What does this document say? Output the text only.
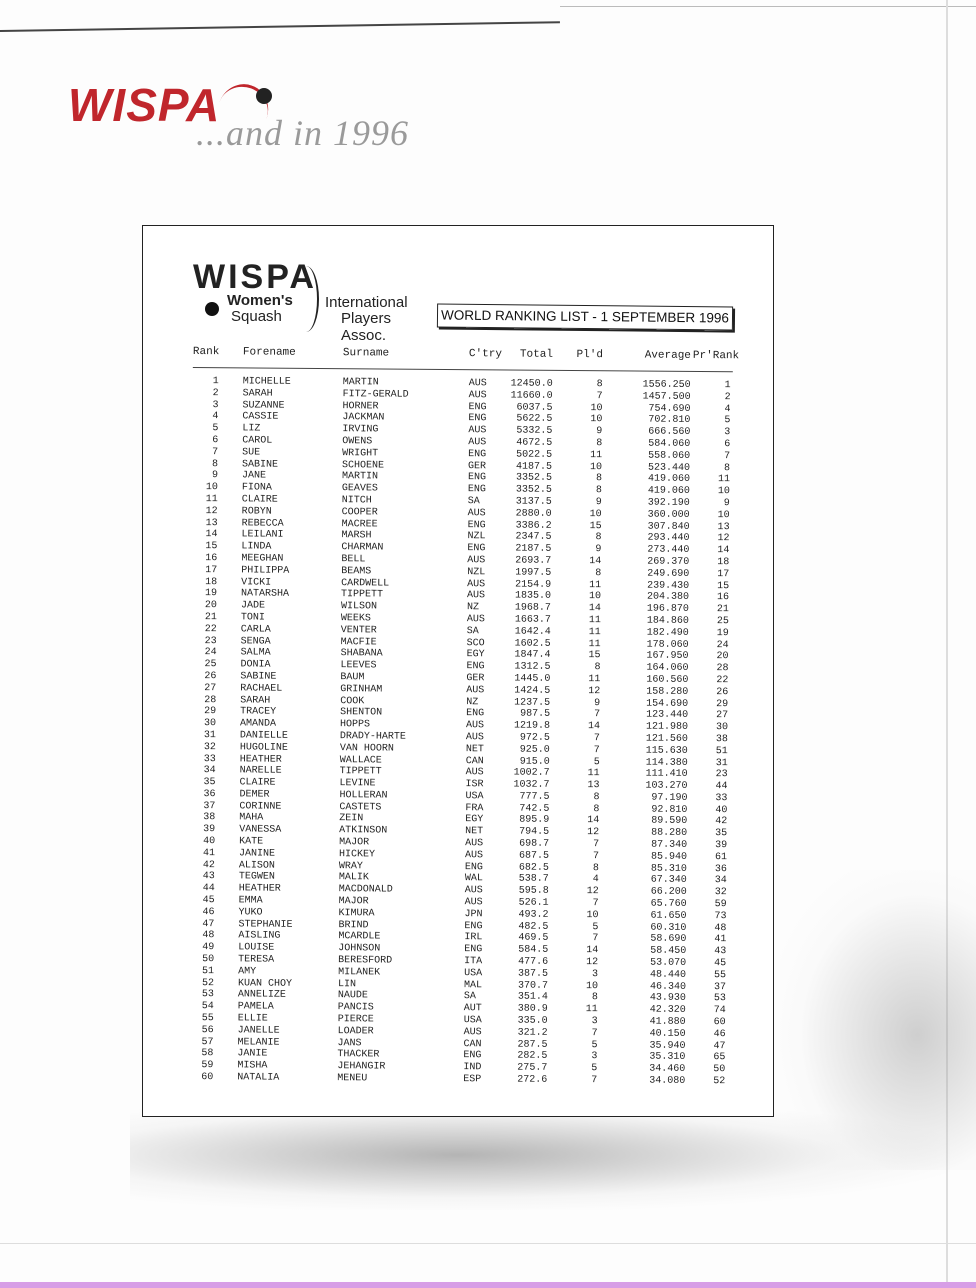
WISPA
...and in 1996
WISPA
Women's International
Squash	Players Assoc.
WORLD RANKING LIST - 1 SEPTEMBER 1996
Rank Forename	Surname	C'try	Total	Pl'd	Average Pr'Rank
1 MICHELLE	MARTIN	AUS	12450.0	8	1556.250	1
2 SARAH	FITZ-GERALD	AUS	11660.0	7	1457.500	2
3 SUZANNE	HORNER	ENG	6037.5	10	754.690	4
4 CASSIE	JACKMAN	ENG	5622.5	10	702.810	5
5 LIZ	IRVING	AUS	5332.5	9	666.560	3
6 CAROL	OWENS	AUS	4672.5	8	584.060	6
7 SUE	WRIGHT	ENG	5022.5	11	558.060	7
8 SABINE	SCHOENE	GER	4187.5	10	523.440	8
9 JANE	MARTIN	ENG	3352.5	8	419.060	11
10 FIONA	GEAVES	ENG	3352.5	8	419.060	10
11 CLAIRE	NITCH	SA	3137.5	9	392.190	9
12 ROBYN	COOPER	AUS	2880.0	10	360.000	10
13 REBECCA	MACREE	ENG	3386.2	15	307.840	13
14 LEILANI	MARSH	NZL	2347.5	8	293.440	12
15 LINDA	CHARMAN	ENG	2187.5	9	273.440	14
16 MEEGHAN	BELL	AUS	2693.7	14	269.370	18
17 PHILIPPA	BEAMS	NZL	1997.5	8	249.690	17
18 VICKI	CARDWELL	AUS	2154.9	11	239.430	15
19 NATARSHA	TIPPETT	AUS	1835.0	10	204.380	16
20 JADE	WILSON	NZ	1968.7	14	196.870	21
21 TONI	WEEKS	AUS	1663.7	11	184.860	25
22 CARLA	VENTER	SA	1642.4	11	182.490	19
23 SENGA	MACFIE	SCO	1602.5	11	178.060	24
24 SALMA	SHABANA	EGY	1847.4	15	167.950	20
25 DONIA	LEEVES	ENG	1312.5	8	164.060	28
26 SABINE	BAUM	GER	1445.0	11	160.560	22
27 RACHAEL	GRINHAM	AUS	1424.5	12	158.280	26
28 SARAH	COOK	NZ	1237.5	9	154.690	29
29 TRACEY	SHENTON	ENG	987.5	7	123.440	27
30 AMANDA	HOPPS	AUS	1219.8	14	121.980	30
31 DANIELLE	DRADY-HARTE	AUS	972.5	7	121.560	38
32 HUGOLINE	VAN HOORN	NET	925.0	7	115.630	51
33 HEATHER	WALLACE	CAN	915.0	5	114.380	31
34 NARELLE	TIPPETT	AUS	1002.7	11	111.410	23
35 CLAIRE	LEVINE	ISR	1032.7	13	103.270	44
36 DEMER	HOLLERAN	USA	777.5	8	97.190	33
37 CORINNE	CASTETS	FRA	742.5	8	92.810	40
38 MAHA	ZEIN	EGY	895.9	14	89.590	42
39 VANESSA	ATKINSON	NET	794.5	12	88.280	35
40 KATE	MAJOR	AUS	698.7	7	87.340	39
41 JANINE	HICKEY	AUS	687.5	7	85.940	61
42 ALISON	WRAY	ENG	682.5	8	85.310	36
43 TEGWEN	MALIK	WAL	538.7	4	67.340	34
44 HEATHER	MACDONALD	AUS	595.8	12	66.200	32
45 EMMA	MAJOR	AUS	526.1	7	65.760	59
46 YUKO	KIMURA	JPN	493.2	10	61.650	73
47 STEPHANIE	BRIND	ENG	482.5	5	60.310	48
48 AISLING	MCARDLE	IRL	469.5	7	58.690	41
49 LOUISE	JOHNSON	ENG	584.5	14	58.450	43
50 TERESA	BERESFORD	ITA	477.6	12	53.070	45
51 AMY	MILANEK	USA	387.5	3	48.440	55
52 KUAN CHOY	LIN	MAL	370.7	10	46.340	37
53 ANNELIZE	NAUDE	SA	351.4	8	43.930	53
54 PAMELA	PANCIS	AUT	380.9	11	42.320	74
55 ELLIE	PIERCE	USA	335.0	3	41.880	60
56 JANELLE	LOADER	AUS	321.2	7	40.150	46
57 MELANIE	JANS	CAN	287.5	5	35.940	47
58 JANIE	THACKER	ENG	282.5	3	35.310	65
59 MISHA	JEHANGIR	IND	275.7	5	34.460	50
60 NATALIA	MENEU	ESP	272.6	7	34.080	52
